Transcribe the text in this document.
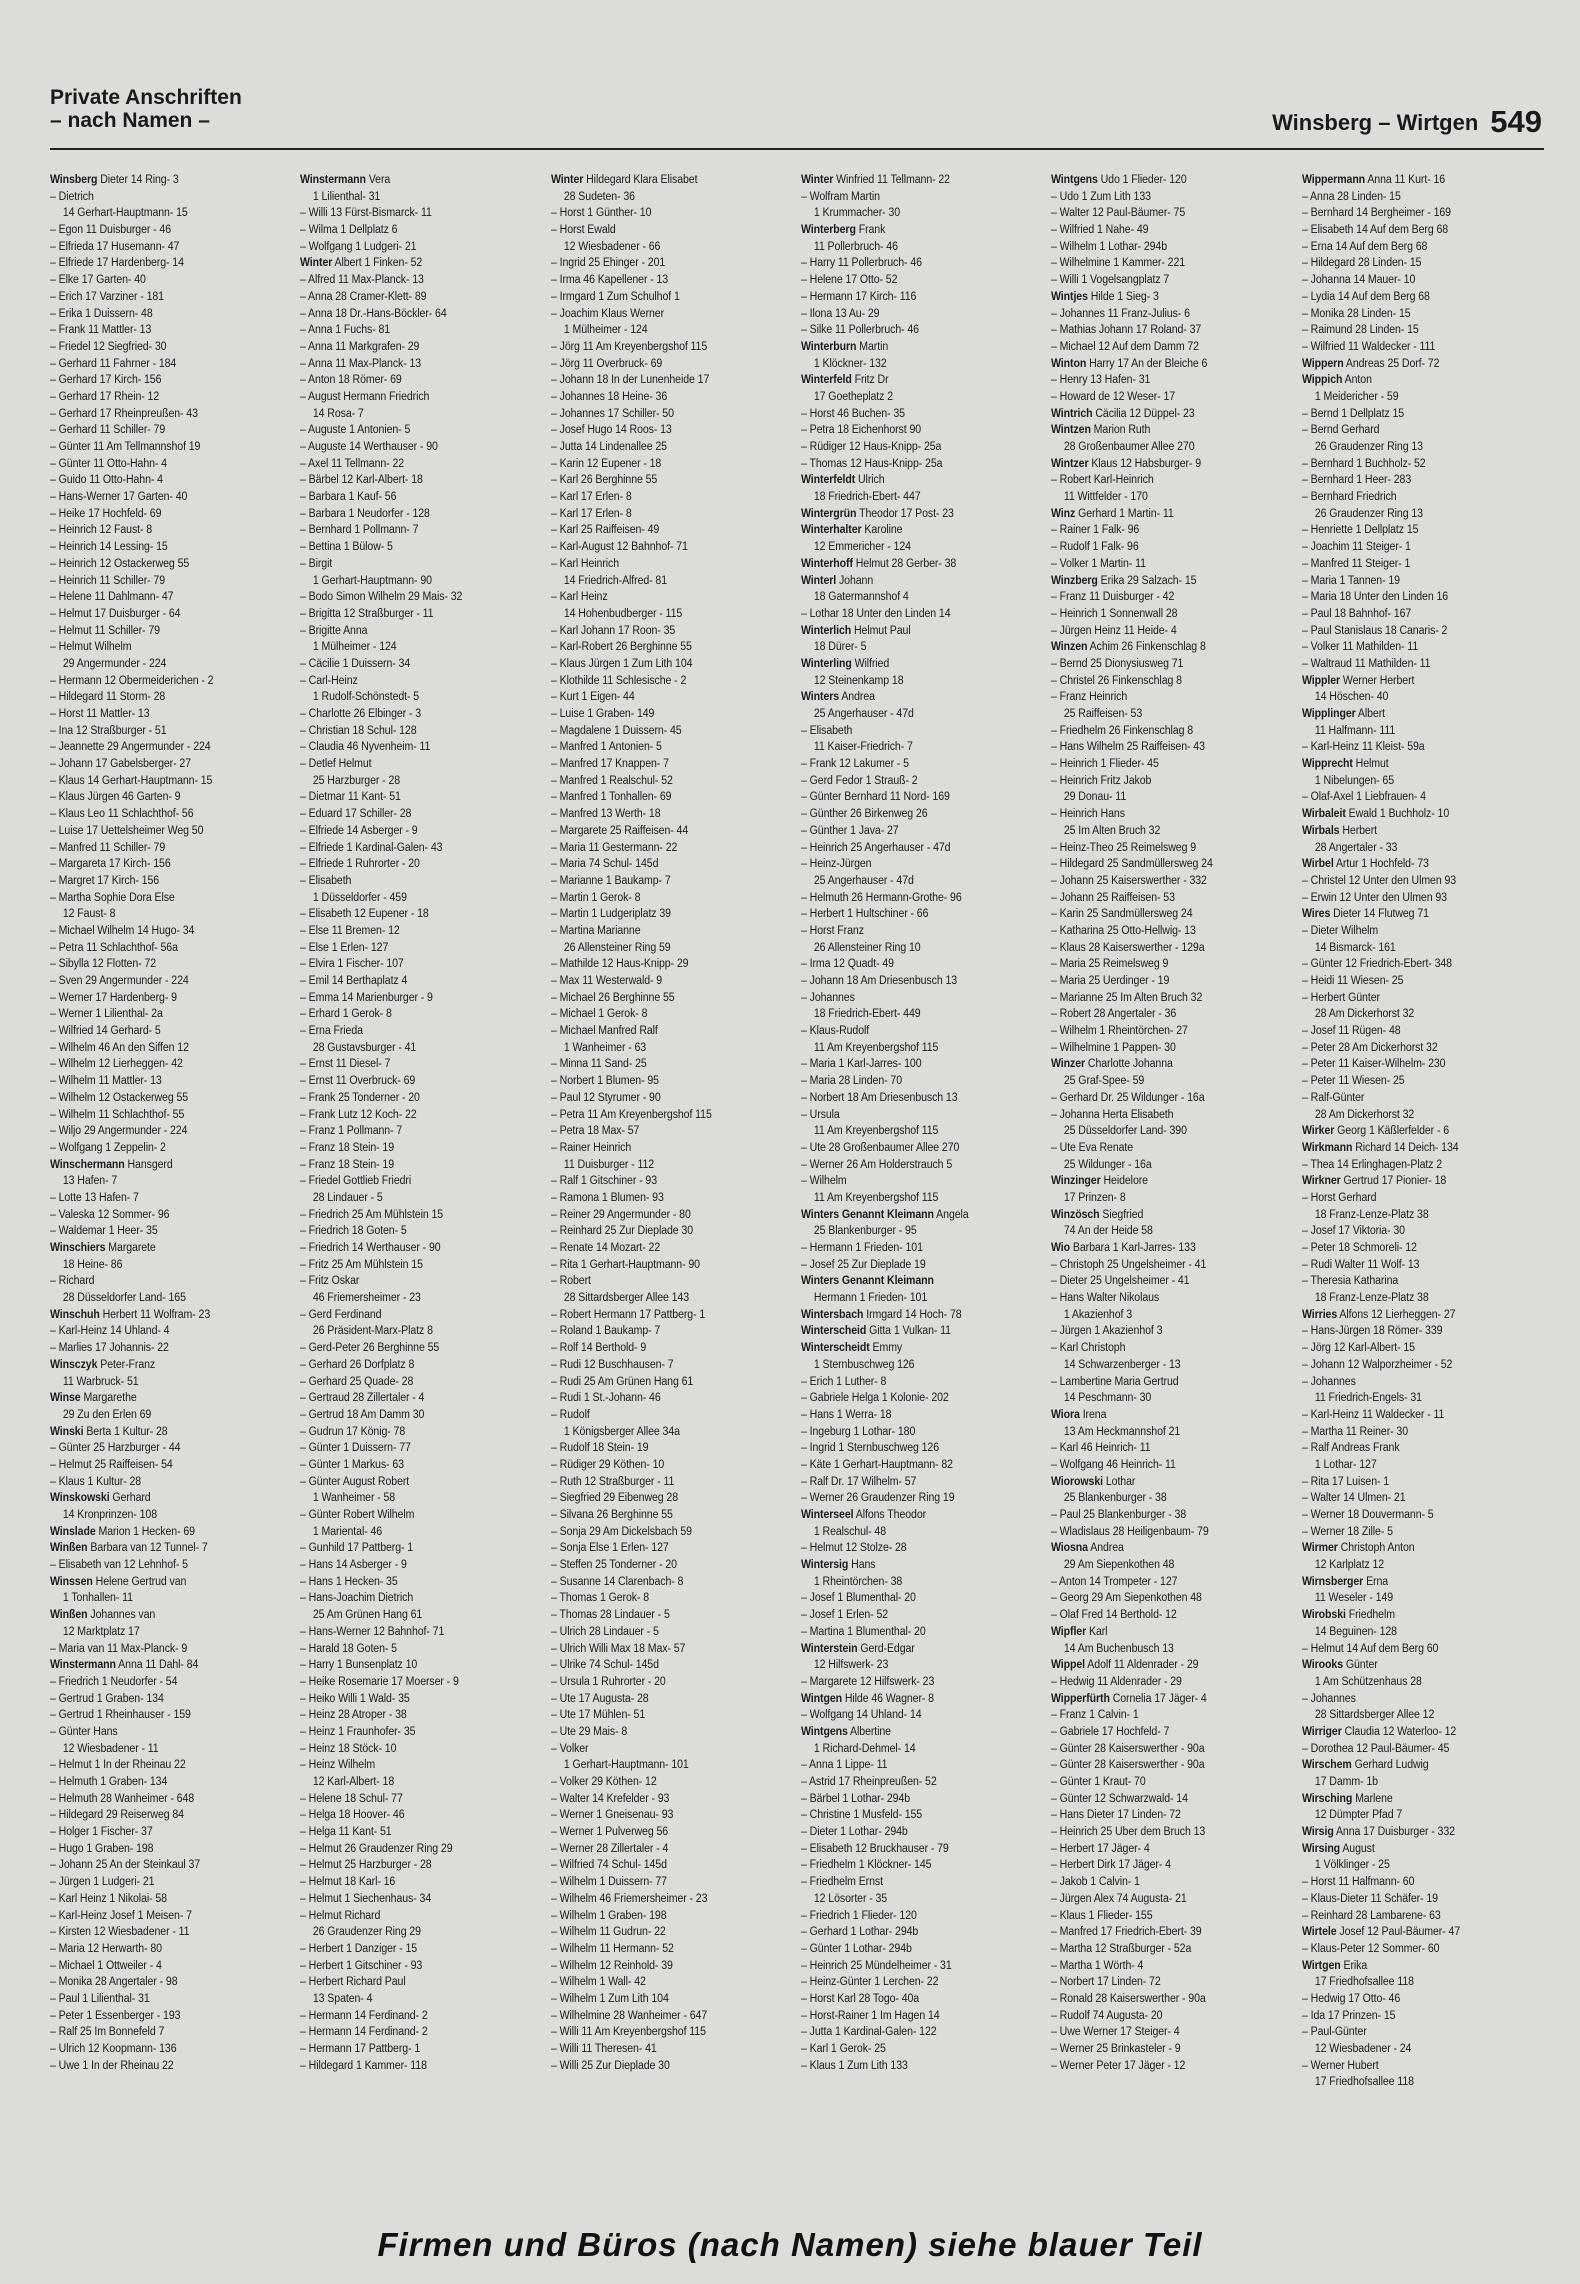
Private Anschriften
– nach Namen –	Winsberg – Wirtgen 549
Winsberg Dieter 14 Ring- 3
– Dietrich
14 Gerhart-Hauptmann- 15
– Egon 11 Duisburger - 46
– Elfrieda 17 Husemann- 47
– Elfriede 17 Hardenberg- 14
– Elke 17 Garten- 40
– Erich 17 Varziner - 181
– Erika 1 Duissern- 48
– Frank 11 Mattler- 13
– Friedel 12 Siegfried- 30
– Gerhard 11 Fahrner - 184
– Gerhard 17 Kirch- 156
– Gerhard 17 Rhein- 12
– Gerhard 17 Rheinpreußen- 43
– Gerhard 11 Schiller- 79
– Günter 11 Am Tellmannshof 19
– Günter 11 Otto-Hahn- 4
– Guido 11 Otto-Hahn- 4
– Hans-Werner 17 Garten- 40
– Heike 17 Hochfeld- 69
– Heinrich 12 Faust- 8
– Heinrich 14 Lessing- 15
– Heinrich 12 Ostackerweg 55
– Heinrich 11 Schiller- 79
– Helene 11 Dahlmann- 47
– Helmut 17 Duisburger - 64
– Helmut 11 Schiller- 79
– Helmut Wilhelm
29 Angermunder - 224
– Hermann 12 Obermeiderichen - 2
– Hildegard 11 Storm- 28
– Horst 11 Mattler- 13
– Ina 12 Straßburger - 51
– Jeannette 29 Angermunder - 224
– Johann 17 Gabelsberger- 27
– Klaus 14 Gerhart-Hauptmann- 15
– Klaus Jürgen 46 Garten- 9
– Klaus Leo 11 Schlachthof- 56
– Luise 17 Uettelsheimer Weg 50
– Manfred 11 Schiller- 79
– Margareta 17 Kirch- 156
– Margret 17 Kirch- 156
– Martha Sophie Dora Else
12 Faust- 8
– Michael Wilhelm 14 Hugo- 34
– Petra 11 Schlachthof- 56a
– Sibylla 12 Flotten- 72
– Sven 29 Angermunder - 224
– Werner 17 Hardenberg- 9
– Werner 1 Lilienthal- 2a
– Wilfried 14 Gerhard- 5
– Wilhelm 46 An den Siffen 12
– Wilhelm 12 Lierheggen- 42
– Wilhelm 11 Mattler- 13
– Wilhelm 12 Ostackerweg 55
– Wilhelm 11 Schlachthof- 55
– Wiljo 29 Angermunder - 224
– Wolfgang 1 Zeppelin- 2
Winschermann Hansgerd
13 Hafen- 7
– Lotte 13 Hafen- 7
– Valeska 12 Sommer- 96
– Waldemar 1 Heer- 35
Winschiers Margarete
18 Heine- 86
– Richard
28 Düsseldorfer Land- 165
Winschuh Herbert 11 Wolfram- 23
– Karl-Heinz 14 Uhland- 4
– Marlies 17 Johannis- 22
Winsczyk Peter-Franz
11 Warbruck- 51
Winse Margarethe
29 Zu den Erlen 69
Winski Berta 1 Kultur- 28
– Günter 25 Harzburger - 44
– Helmut 25 Raiffeisen- 54
– Klaus 1 Kultur- 28
Winskowski Gerhard
14 Kronprinzen- 108
Winslade Marion 1 Hecken- 69
Winßen Barbara van 12 Tunnel- 7
– Elisabeth van 12 Lehnhof- 5
Winssen Helene Gertrud van
1 Tonhallen- 11
Winßen Johannes van
12 Marktplatz 17
– Maria van 11 Max-Planck- 9
Winstermann Anna 11 Dahl- 84
– Friedrich 1 Neudorfer - 54
– Gertrud 1 Graben- 134
– Gertrud 1 Rheinhauser - 159
– Günter Hans
12 Wiesbadener - 11
– Helmut 1 In der Rheinau 22
– Helmuth 1 Graben- 134
– Helmuth 28 Wanheimer - 648
– Hildegard 29 Reiserweg 84
– Holger 1 Fischer- 37
– Hugo 1 Graben- 198
– Johann 25 An der Steinkaul 37
– Jürgen 1 Ludgeri- 21
– Karl Heinz 1 Nikolai- 58
– Karl-Heinz Josef 1 Meisen- 7
– Kirsten 12 Wiesbadener - 11
– Maria 12 Herwarth- 80
– Michael 1 Ottweiler - 4
– Monika 28 Angertaler - 98
– Paul 1 Lilienthal- 31
– Peter 1 Essenberger - 193
– Ralf 25 Im Bonnefeld 7
– Ulrich 12 Koopmann- 136
– Uwe 1 In der Rheinau 22
Winstermann Vera
1 Lilienthal- 31
– Willi 13 Fürst-Bismarck- 11
– Wilma 1 Dellplatz 6
– Wolfgang 1 Ludgeri- 21
Winter Albert 1 Finken- 52
– Alfred 11 Max-Planck- 13
– Anna 28 Cramer-Klett- 89
– Anna 18 Dr.-Hans-Böckler- 64
– Anna 1 Fuchs- 81
– Anna 11 Markgrafen- 29
– Anna 11 Max-Planck- 13
– Anton 18 Römer- 69
– August Hermann Friedrich
14 Rosa- 7
– Auguste 1 Antonien- 5
– Auguste 14 Werthauser - 90
– Axel 11 Tellmann- 22
– Bärbel 12 Karl-Albert- 18
– Barbara 1 Kauf- 56
– Barbara 1 Neudorfer - 128
– Bernhard 1 Pollmann- 7
– Bettina 1 Bülow- 5
– Birgit
1 Gerhart-Hauptmann- 90
– Bodo Simon Wilhelm 29 Mais- 32
– Brigitta 12 Straßburger - 11
– Brigitte Anna
1 Mülheimer - 124
– Cäcilie 1 Duissern- 34
– Carl-Heinz
1 Rudolf-Schönstedt- 5
– Charlotte 26 Elbinger - 3
– Christian 18 Schul- 128
– Claudia 46 Nyvenheim- 11
– Detlef Helmut
25 Harzburger - 28
– Dietmar 11 Kant- 51
– Eduard 17 Schiller- 28
– Elfriede 14 Asberger - 9
– Elfriede 1 Kardinal-Galen- 43
– Elfriede 1 Ruhrorter - 20
– Elisabeth
1 Düsseldorfer - 459
– Elisabeth 12 Eupener - 18
– Else 11 Bremen- 12
– Else 1 Erlen- 127
– Elvira 1 Fischer- 107
– Emil 14 Berthaplatz 4
– Emma 14 Marienburger - 9
– Erhard 1 Gerok- 8
– Erna Frieda
28 Gustavsburger - 41
– Ernst 11 Diesel- 7
– Ernst 11 Overbruck- 69
– Frank 25 Tonderner - 20
– Frank Lutz 12 Koch- 22
– Franz 1 Pollmann- 7
– Franz 18 Stein- 19
– Franz 18 Stein- 19
– Friedel Gottlieb Friedri
28 Lindauer - 5
– Friedrich 25 Am Mühlstein 15
– Friedrich 18 Goten- 5
– Friedrich 14 Werthauser - 90
– Fritz 25 Am Mühlstein 15
– Fritz Oskar
46 Friemersheimer - 23
– Gerd Ferdinand
26 Präsident-Marx-Platz 8
– Gerd-Peter 26 Berghinne 55
– Gerhard 26 Dorfplatz 8
– Gerhard 25 Quade- 28
– Gertraud 28 Zillertaler - 4
– Gertrud 18 Am Damm 30
– Gudrun 17 König- 78
– Günter 1 Duissern- 77
– Günter 1 Markus- 63
– Günter August Robert
1 Wanheimer - 58
– Günter Robert Wilhelm
1 Mariental- 46
– Gunhild 17 Pattberg- 1
– Hans 14 Asberger - 9
– Hans 1 Hecken- 35
– Hans-Joachim Dietrich
25 Am Grünen Hang 61
– Hans-Werner 12 Bahnhof- 71
– Harald 18 Goten- 5
– Harry 1 Bunsenplatz 10
– Heike Rosemarie 17 Moerser - 9
– Heiko Willi 1 Wald- 35
– Heinz 28 Atroper - 38
– Heinz 1 Fraunhofer- 35
– Heinz 18 Stöck- 10
– Heinz Wilhelm
12 Karl-Albert- 18
– Helene 18 Schul- 77
– Helga 18 Hoover- 46
– Helga 11 Kant- 51
– Helmut 26 Graudenzer Ring 29
– Helmut 25 Harzburger - 28
– Helmut 18 Karl- 16
– Helmut 1 Siechenhaus- 34
– Helmut Richard
26 Graudenzer Ring 29
– Herbert 1 Danziger - 15
– Herbert 1 Gitschiner - 93
– Herbert Richard Paul
13 Spaten- 4
– Hermann 14 Ferdinand- 2
– Hermann 14 Ferdinand- 2
– Hermann 17 Pattberg- 1
– Hildegard 1 Kammer- 118
Winter Hildegard Klara Elisabet
28 Sudeten- 36
– Horst 1 Günther- 10
– Horst Ewald
12 Wiesbadener - 66
– Ingrid 25 Ehinger - 201
– Irma 46 Kapellener - 13
– Irmgard 1 Zum Schulhof 1
– Joachim Klaus Werner
1 Mülheimer - 124
– Jörg 11 Am Kreyenbergshof 115
– Jörg 11 Overbruck- 69
– Johann 18 In der Lunenheide 17
– Johannes 18 Heine- 36
– Johannes 17 Schiller- 50
– Josef Hugo 14 Roos- 13
– Jutta 14 Lindenallee 25
– Karin 12 Eupener - 18
– Karl 26 Berghinne 55
– Karl 17 Erlen- 8
– Karl 17 Erlen- 8
– Karl 25 Raiffeisen- 49
– Karl-August 12 Bahnhof- 71
– Karl Heinrich
14 Friedrich-Alfred- 81
– Karl Heinz
14 Hohenbudberger - 115
– Karl Johann 17 Roon- 35
– Karl-Robert 26 Berghinne 55
– Klaus Jürgen 1 Zum Lith 104
– Klothilde 11 Schlesische - 2
– Kurt 1 Eigen- 44
– Luise 1 Graben- 149
– Magdalene 1 Duissern- 45
– Manfred 1 Antonien- 5
– Manfred 17 Knappen- 7
– Manfred 1 Realschul- 52
– Manfred 1 Tonhallen- 69
– Manfred 13 Werth- 18
– Margarete 25 Raiffeisen- 44
– Maria 11 Gestermann- 22
– Maria 74 Schul- 145d
– Marianne 1 Baukamp- 7
– Martin 1 Gerok- 8
– Martin 1 Ludgeriplatz 39
– Martina Marianne
26 Allensteiner Ring 59
– Mathilde 12 Haus-Knipp- 29
– Max 11 Westerwald- 9
– Michael 26 Berghinne 55
– Michael 1 Gerok- 8
– Michael Manfred Ralf
1 Wanheimer - 63
– Minna 11 Sand- 25
– Norbert 1 Blumen- 95
– Paul 12 Styrumer - 90
– Petra 11 Am Kreyenbergshof 115
– Petra 18 Max- 57
– Rainer Heinrich
11 Duisburger - 112
– Ralf 1 Gitschiner - 93
– Ramona 1 Blumen- 93
– Reiner 29 Angermunder - 80
– Reinhard 25 Zur Dieplade 30
– Renate 14 Mozart- 22
– Rita 1 Gerhart-Hauptmann- 90
– Robert
28 Sittardsberger Allee 143
– Robert Hermann 17 Pattberg- 1
– Roland 1 Baukamp- 7
– Rolf 14 Berthold- 9
– Rudi 12 Buschhausen- 7
– Rudi 25 Am Grünen Hang 61
– Rudi 1 St.-Johann- 46
– Rudolf
1 Königsberger Allee 34a
– Rudolf 18 Stein- 19
– Rüdiger 29 Köthen- 10
– Ruth 12 Straßburger - 11
– Siegfried 29 Eibenweg 28
– Silvana 26 Berghinne 55
– Sonja 29 Am Dickelsbach 59
– Sonja Else 1 Erlen- 127
– Steffen 25 Tonderner - 20
– Susanne 14 Clarenbach- 8
– Thomas 1 Gerok- 8
– Thomas 28 Lindauer - 5
– Ulrich 28 Lindauer - 5
– Ulrich Willi Max 18 Max- 57
– Ulrike 74 Schul- 145d
– Ursula 1 Ruhrorter - 20
– Ute 17 Augusta- 28
– Ute 17 Mühlen- 51
– Ute 29 Mais- 8
– Volker
1 Gerhart-Hauptmann- 101
– Volker 29 Köthen- 12
– Walter 14 Krefelder - 93
– Werner 1 Gneisenau- 93
– Werner 1 Pulverweg 56
– Werner 28 Zillertaler - 4
– Wilfried 74 Schul- 145d
– Wilhelm 1 Duissern- 77
– Wilhelm 46 Friemersheimer - 23
– Wilhelm 1 Graben- 198
– Wilhelm 11 Gudrun- 22
– Wilhelm 11 Hermann- 52
– Wilhelm 12 Reinhold- 39
– Wilhelm 1 Wall- 42
– Wilhelm 1 Zum Lith 104
– Wilhelmine 28 Wanheimer - 647
– Willi 11 Am Kreyenbergshof 115
– Willi 11 Theresen- 41
– Willi 25 Zur Dieplade 30
Winter Winfried 11 Tellmann- 22
– Wolfram Martin
1 Krummacher- 30
Winterberg Frank
11 Pollerbruch- 46
– Harry 11 Pollerbruch- 46
– Helene 17 Otto- 52
– Hermann 17 Kirch- 116
– Ilona 13 Au- 29
– Silke 11 Pollerbruch- 46
Winterburn Martin
1 Klöckner- 132
Winterfeld Fritz Dr
17 Goetheplatz 2
– Horst 46 Buchen- 35
– Petra 18 Eichenhorst 90
– Rüdiger 12 Haus-Knipp- 25a
– Thomas 12 Haus-Knipp- 25a
Winterfeldt Ulrich
18 Friedrich-Ebert- 447
Wintergrün Theodor 17 Post- 23
Winterhalter Karoline
12 Emmericher - 124
Winterhoff Helmut 28 Gerber- 38
Winterl Johann
18 Gatermannshof 4
– Lothar 18 Unter den Linden 14
Winterlich Helmut Paul
18 Dürer- 5
Winterling Wilfried
12 Steinenkamp 18
Winters Andrea
25 Angerhauser - 47d
– Elisabeth
11 Kaiser-Friedrich- 7
– Frank 12 Lakumer - 5
– Gerd Fedor 1 Strauß- 2
– Günter Bernhard 11 Nord- 169
– Günther 26 Birkenweg 26
– Günther 1 Java- 27
– Heinrich 25 Angerhauser - 47d
– Heinz-Jürgen
25 Angerhauser - 47d
– Helmuth 26 Hermann-Grothe- 96
– Herbert 1 Hultschiner - 66
– Horst Franz
26 Allensteiner Ring 10
– Irma 12 Quadt- 49
– Johann 18 Am Driesenbusch 13
– Johannes
18 Friedrich-Ebert- 449
– Klaus-Rudolf
11 Am Kreyenbergshof 115
– Maria 1 Karl-Jarres- 100
– Maria 28 Linden- 70
– Norbert 18 Am Driesenbusch 13
– Ursula
11 Am Kreyenbergshof 115
– Ute 28 Großenbaumer Allee 270
– Werner 26 Am Holderstrauch 5
– Wilhelm
11 Am Kreyenbergshof 115
Winters Genannt Kleimann Angela
25 Blankenburger - 95
– Hermann 1 Frieden- 101
– Josef 25 Zur Dieplade 19
Winters Genannt Kleimann
Hermann 1 Frieden- 101
Wintersbach Irmgard 14 Hoch- 78
Winterscheid Gitta 1 Vulkan- 11
Winterscheidt Emmy
1 Sternbuschweg 126
– Erich 1 Luther- 8
– Gabriele Helga 1 Kolonie- 202
– Hans 1 Werra- 18
– Ingeburg 1 Lothar- 180
– Ingrid 1 Sternbuschweg 126
– Käte 1 Gerhart-Hauptmann- 82
– Ralf Dr. 17 Wilhelm- 57
– Werner 26 Graudenzer Ring 19
Winterseel Alfons Theodor
1 Realschul- 48
– Helmut 12 Stolze- 28
Wintersig Hans
1 Rheintörchen- 38
– Josef 1 Blumenthal- 20
– Josef 1 Erlen- 52
– Martina 1 Blumenthal- 20
Winterstein Gerd-Edgar
12 Hilfswerk- 23
– Margarete 12 Hilfswerk- 23
Wintgen Hilde 46 Wagner- 8
– Wolfgang 14 Uhland- 14
Wintgens Albertine
1 Richard-Dehmel- 14
– Anna 1 Lippe- 11
– Astrid 17 Rheinpreußen- 52
– Bärbel 1 Lothar- 294b
– Christine 1 Musfeld- 155
– Dieter 1 Lothar- 294b
– Elisabeth 12 Bruckhauser - 79
– Friedhelm 1 Klöckner- 145
– Friedhelm Ernst
12 Lösorter - 35
– Friedrich 1 Flieder- 120
– Gerhard 1 Lothar- 294b
– Günter 1 Lothar- 294b
– Heinrich 25 Mündelheimer - 31
– Heinz-Günter 1 Lerchen- 22
– Horst Karl 28 Togo- 40a
– Horst-Rainer 1 Im Hagen 14
– Jutta 1 Kardinal-Galen- 122
– Karl 1 Gerok- 25
– Klaus 1 Zum Lith 133
Wintgens Udo 1 Flieder- 120
– Udo 1 Zum Lith 133
– Walter 12 Paul-Bäumer- 75
– Wilfried 1 Nahe- 49
– Wilhelm 1 Lothar- 294b
– Wilhelmine 1 Kammer- 221
– Willi 1 Vogelsangplatz 7
Wintjes Hilde 1 Sieg- 3
– Johannes 11 Franz-Julius- 6
– Mathias Johann 17 Roland- 37
– Michael 12 Auf dem Damm 72
Winton Harry 17 An der Bleiche 6
– Henry 13 Hafen- 31
– Howard de 12 Weser- 17
Wintrich Cäcilia 12 Düppel- 23
Wintzen Marion Ruth
28 Großenbaumer Allee 270
Wintzer Klaus 12 Habsburger- 9
– Robert Karl-Heinrich
11 Wittfelder - 170
Winz Gerhard 1 Martin- 11
– Rainer 1 Falk- 96
– Rudolf 1 Falk- 96
– Volker 1 Martin- 11
Winzberg Erika 29 Salzach- 15
– Franz 11 Duisburger - 42
– Heinrich 1 Sonnenwall 28
– Jürgen Heinz 11 Heide- 4
Winzen Achim 26 Finkenschlag 8
– Bernd 25 Dionysiusweg 71
– Christel 26 Finkenschlag 8
– Franz Heinrich
25 Raiffeisen- 53
– Friedhelm 26 Finkenschlag 8
– Hans Wilhelm 25 Raiffeisen- 43
– Heinrich 1 Flieder- 45
– Heinrich Fritz Jakob
29 Donau- 11
– Heinrich Hans
25 Im Alten Bruch 32
– Heinz-Theo 25 Reimelsweg 9
– Hildegard 25 Sandmüllersweg 24
– Johann 25 Kaiserswerther - 332
– Johann 25 Raiffeisen- 53
– Karin 25 Sandmüllersweg 24
– Katharina 25 Otto-Hellwig- 13
– Klaus 28 Kaiserswerther - 129a
– Maria 25 Reimelsweg 9
– Maria 25 Uerdinger - 19
– Marianne 25 Im Alten Bruch 32
– Robert 28 Angertaler - 36
– Wilhelm 1 Rheintörchen- 27
– Wilhelmine 1 Pappen- 30
Winzer Charlotte Johanna
25 Graf-Spee- 59
– Gerhard Dr. 25 Wildunger - 16a
– Johanna Herta Elisabeth
25 Düsseldorfer Land- 390
– Ute Eva Renate
25 Wildunger - 16a
Winzinger Heidelore
17 Prinzen- 8
Winzösch Siegfried
74 An der Heide 58
Wio Barbara 1 Karl-Jarres- 133
– Christoph 25 Ungelsheimer - 41
– Dieter 25 Ungelsheimer - 41
– Hans Walter Nikolaus
1 Akazienhof 3
– Jürgen 1 Akazienhof 3
– Karl Christoph
14 Schwarzenberger - 13
– Lambertine Maria Gertrud
14 Peschmann- 30
Wiora Irena
13 Am Heckmannshof 21
– Karl 46 Heinrich- 11
– Wolfgang 46 Heinrich- 11
Wiorowski Lothar
25 Blankenburger - 38
– Paul 25 Blankenburger - 38
– Wladislaus 28 Heiligenbaum- 79
Wiosna Andrea
29 Am Siepenkothen 48
– Anton 14 Trompeter - 127
– Georg 29 Am Siepenkothen 48
– Olaf Fred 14 Berthold- 12
Wipfler Karl
14 Am Buchenbusch 13
Wippel Adolf 11 Aldenrader - 29
– Hedwig 11 Aldenrader - 29
Wipperfürth Cornelia 17 Jäger- 4
– Franz 1 Calvin- 1
– Gabriele 17 Hochfeld- 7
– Günter 28 Kaiserswerther - 90a
– Günter 28 Kaiserswerther - 90a
– Günter 1 Kraut- 70
– Günter 12 Schwarzwald- 14
– Hans Dieter 17 Linden- 72
– Heinrich 25 Über dem Bruch 13
– Herbert 17 Jäger- 4
– Herbert Dirk 17 Jäger- 4
– Jakob 1 Calvin- 1
– Jürgen Alex 74 Augusta- 21
– Klaus 1 Flieder- 155
– Manfred 17 Friedrich-Ebert- 39
– Martha 12 Straßburger - 52a
– Martha 1 Wörth- 4
– Norbert 17 Linden- 72
– Ronald 28 Kaiserswerther - 90a
– Rudolf 74 Augusta- 20
– Uwe Werner 17 Steiger- 4
– Werner 25 Brinkasteler - 9
– Werner Peter 17 Jäger - 12
Wippermann Anna 11 Kurt- 16
– Anna 28 Linden- 15
– Bernhard 14 Bergheimer - 169
– Elisabeth 14 Auf dem Berg 68
– Erna 14 Auf dem Berg 68
– Hildegard 28 Linden- 15
– Johanna 14 Mauer- 10
– Lydia 14 Auf dem Berg 68
– Monika 28 Linden- 15
– Raimund 28 Linden- 15
– Wilfried 11 Waldecker - 111
Wippern Andreas 25 Dorf- 72
Wippich Anton
1 Meidericher - 59
– Bernd 1 Dellplatz 15
– Bernd Gerhard
26 Graudenzer Ring 13
– Bernhard 1 Buchholz- 52
– Bernhard 1 Heer- 283
– Bernhard Friedrich
26 Graudenzer Ring 13
– Henriette 1 Dellplatz 15
– Joachim 11 Steiger- 1
– Manfred 11 Steiger- 1
– Maria 1 Tannen- 19
– Maria 18 Unter den Linden 16
– Paul 18 Bahnhof- 167
– Paul Stanislaus 18 Canaris- 2
– Volker 11 Mathilden- 11
– Waltraud 11 Mathilden- 11
Wippler Werner Herbert
14 Höschen- 40
Wipplinger Albert
11 Halfmann- 111
– Karl-Heinz 11 Kleist- 59a
Wipprecht Helmut
1 Nibelungen- 65
– Olaf-Axel 1 Liebfrauen- 4
Wirbaleit Ewald 1 Buchholz- 10
Wirbals Herbert
28 Angertaler - 33
Wirbel Artur 1 Hochfeld- 73
– Christel 12 Unter den Ulmen 93
– Erwin 12 Unter den Ulmen 93
Wires Dieter 14 Flutweg 71
– Dieter Wilhelm
14 Bismarck- 161
– Günter 12 Friedrich-Ebert- 348
– Heidi 11 Wiesen- 25
– Herbert Günter
28 Am Dickerhorst 32
– Josef 11 Rügen- 48
– Peter 28 Am Dickerhorst 32
– Peter 11 Kaiser-Wilhelm- 230
– Peter 11 Wiesen- 25
– Ralf-Günter
28 Am Dickerhorst 32
Wirker Georg 1 Käßlerfelder - 6
Wirkmann Richard 14 Deich- 134
– Thea 14 Erlinghagen-Platz 2
Wirkner Gertrud 17 Pionier- 18
– Horst Gerhard
18 Franz-Lenze-Platz 38
– Josef 17 Viktoria- 30
– Peter 18 Schmoreli- 12
– Rudi Walter 11 Wolf- 13
– Theresia Katharina
18 Franz-Lenze-Platz 38
Wirries Alfons 12 Lierheggen- 27
– Hans-Jürgen 18 Römer- 339
– Jörg 12 Karl-Albert- 15
– Johann 12 Walporzheimer - 52
– Johannes
11 Friedrich-Engels- 31
– Karl-Heinz 11 Waldecker - 11
– Martha 11 Reiner- 30
– Ralf Andreas Frank
1 Lothar- 127
– Rita 17 Luisen- 1
– Walter 14 Ulmen- 21
– Werner 18 Douvermann- 5
– Werner 18 Zille- 5
Wirmer Christoph Anton
12 Karlplatz 12
Wirnsberger Erna
11 Weseler - 149
Wirobski Friedhelm
14 Beguinen- 128
– Helmut 14 Auf dem Berg 60
Wirooks Günter
1 Am Schützenhaus 28
– Johannes
28 Sittardsberger Allee 12
Wirriger Claudia 12 Waterloo- 12
– Dorothea 12 Paul-Bäumer- 45
Wirschem Gerhard Ludwig
17 Damm- 1b
Wirsching Marlene
12 Dümpter Pfad 7
Wirsig Anna 17 Duisburger - 332
Wirsing August
1 Völklinger - 25
– Horst 11 Halfmann- 60
– Klaus-Dieter 11 Schäfer- 19
– Reinhard 28 Lambarene- 63
Wirtele Josef 12 Paul-Bäumer- 47
– Klaus-Peter 12 Sommer- 60
Wirtgen Erika
17 Friedhofsallee 118
– Hedwig 17 Otto- 46
– Ida 17 Prinzen- 15
– Paul-Günter
12 Wiesbadener - 24
– Werner Hubert
17 Friedhofsallee 118
Firmen und Büros (nach Namen) siehe blauer Teil
